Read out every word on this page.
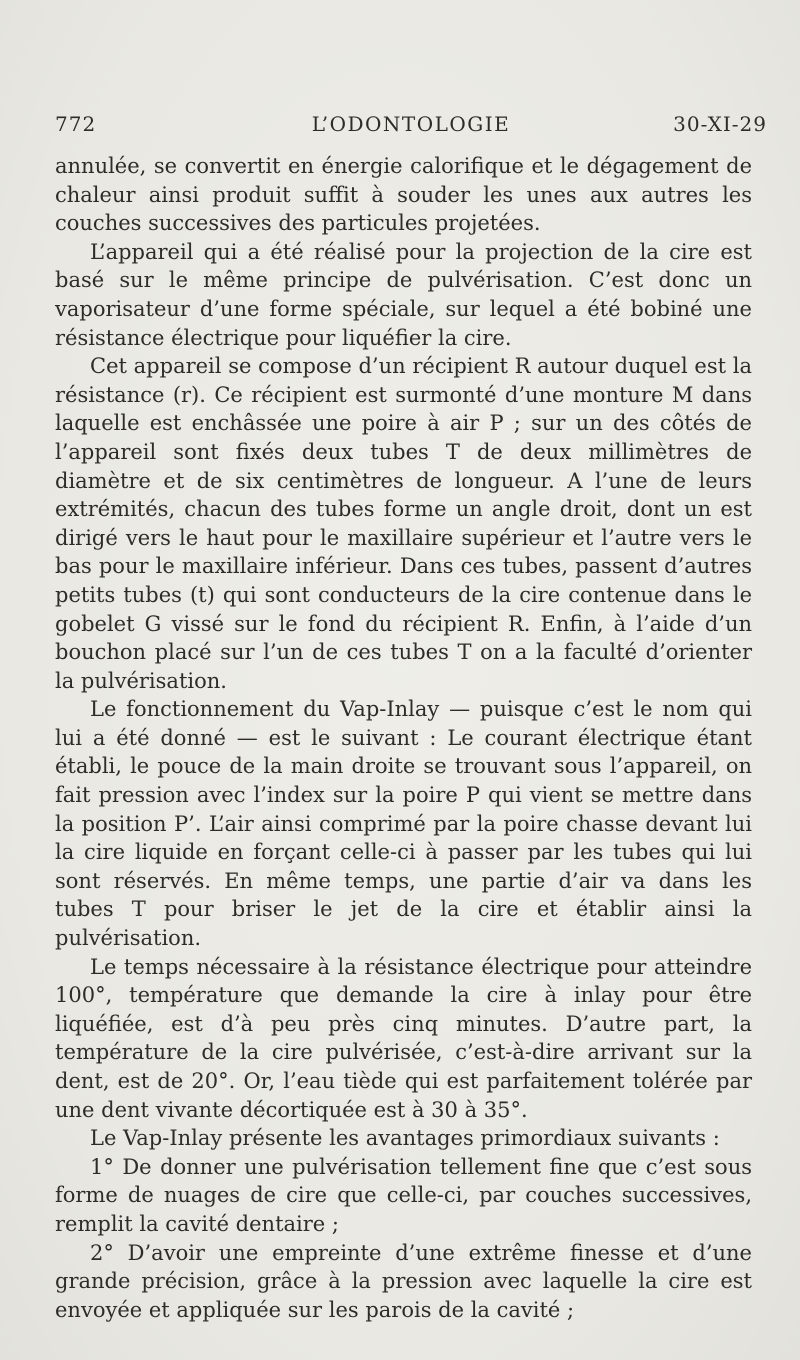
L’ODONTOLOGIE
772	30-XI-29

annulée, se convertit en énergie calorifique et le dégagement de chaleur ainsi produit suffit à souder les unes aux autres les couches successives des particules projetées.

L’appareil qui a été réalisé pour la projection de la cire est basé sur le même principe de pulvérisation. C’est donc un vaporisateur d’une forme spéciale, sur lequel a été bobiné une résistance électrique pour liquéfier la cire.

Cet appareil se compose d’un récipient R autour duquel est la résistance (r). Ce récipient est surmonté d’une monture M dans laquelle est enchâssée une poire à air P ; sur un des côtés de l’appareil sont fixés deux tubes T de deux millimètres de diamètre et de six centimètres de longueur. A l’une de leurs extrémités, chacun des tubes forme un angle droit, dont un est dirigé vers le haut pour le maxillaire supérieur et l’autre vers le bas pour le maxillaire inférieur. Dans ces tubes, passent d’autres petits tubes (t) qui sont conducteurs de la cire contenue dans le gobelet G vissé sur le fond du récipient R. Enfin, à l’aide d’un bouchon placé sur l’un de ces tubes T on a la faculté d’orienter la pulvérisation.

Le fonctionnement du Vap-Inlay — puisque c’est le nom qui lui a été donné — est le suivant : Le courant électrique étant établi, le pouce de la main droite se trouvant sous l’appareil, on fait pression avec l’index sur la poire P qui vient se mettre dans la position P’. L’air ainsi comprimé par la poire chasse devant lui la cire liquide en forçant celle-ci à passer par les tubes qui lui sont réservés. En même temps, une partie d’air va dans les tubes T pour briser le jet de la cire et établir ainsi la pulvérisation.

Le temps nécessaire à la résistance électrique pour atteindre 100°, température que demande la cire à inlay pour être liquéfiée, est d’à peu près cinq minutes. D’autre part, la température de la cire pulvérisée, c’est-à-dire arrivant sur la dent, est de 20°. Or, l’eau tiède qui est parfaitement tolérée par une dent vivante décortiquée est à 30 à 35°.

Le Vap-Inlay présente les avantages primordiaux suivants :

1° De donner une pulvérisation tellement fine que c’est sous forme de nuages de cire que celle-ci, par couches successives, remplit la cavité dentaire ;

2° D’avoir une empreinte d’une extrême finesse et d’une grande précision, grâce à la pression avec laquelle la cire est envoyée et appliquée sur les parois de la cavité ;
